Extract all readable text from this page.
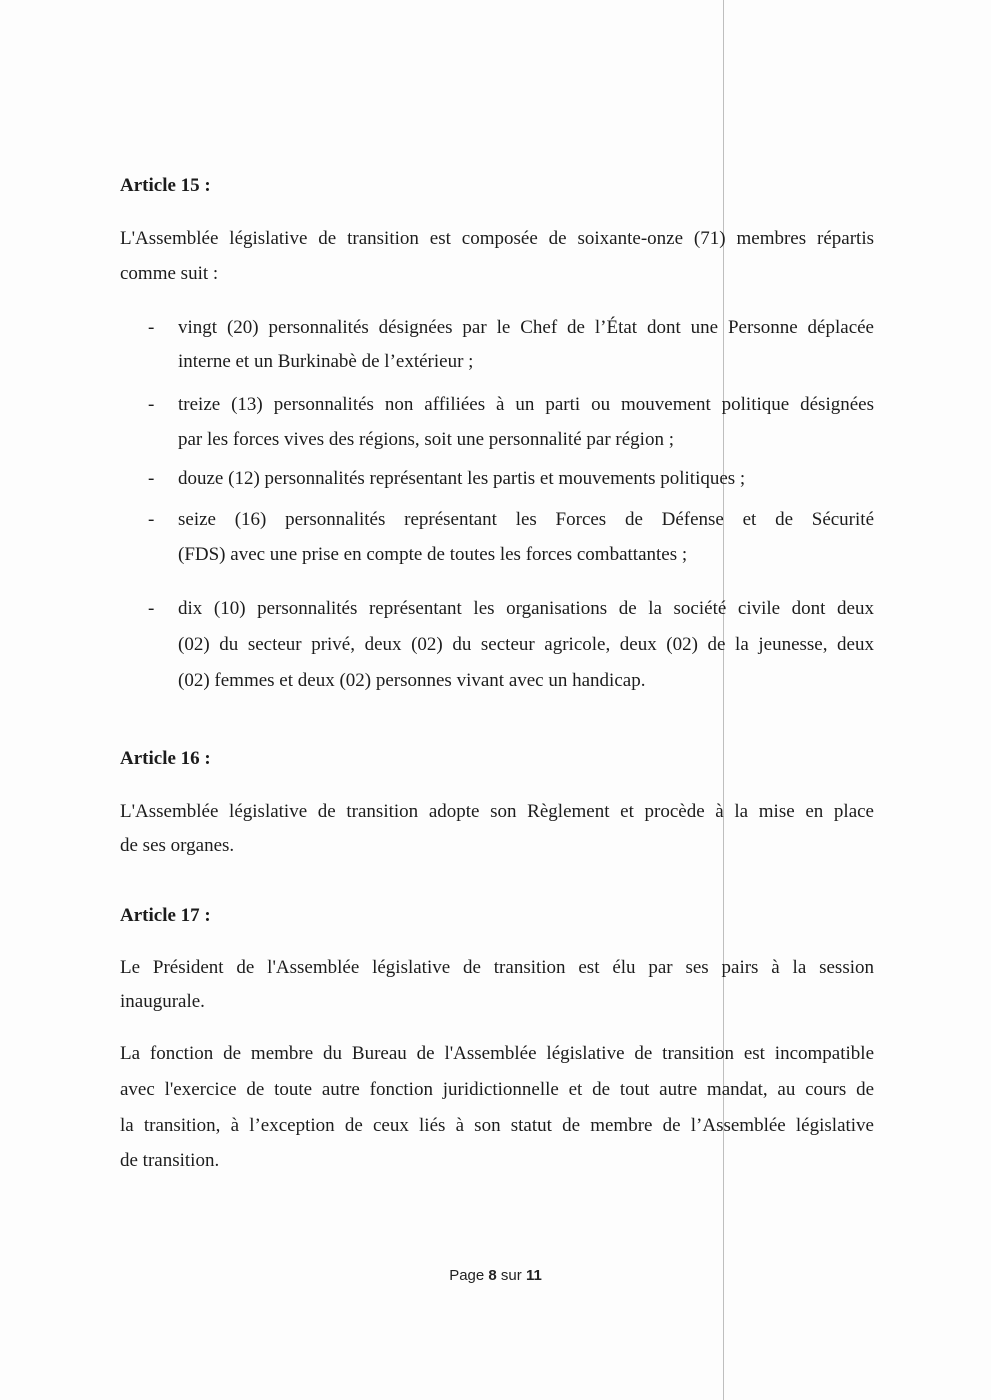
Article 15 :
L'Assemblée législative de transition est composée de soixante-onze (71) membres répartis
comme suit :
- vingt (20) personnalités désignées par le Chef de l’État dont une Personne déplacée
interne et un Burkinabè de l’extérieur ;
- treize (13) personnalités non affiliées à un parti ou mouvement politique désignées
par les forces vives des régions, soit une personnalité par région ;
- douze (12) personnalités représentant les partis et mouvements politiques ;
- seize (16) personnalités représentant les Forces de Défense et de Sécurité
(FDS) avec une prise en compte de toutes les forces combattantes ;
- dix (10) personnalités représentant les organisations de la société civile dont deux
(02) du secteur privé, deux (02) du secteur agricole, deux (02) de la jeunesse, deux
(02) femmes et deux (02) personnes vivant avec un handicap.
Article 16 :
L'Assemblée législative de transition adopte son Règlement et procède à la mise en place
de ses organes.
Article 17 :
Le Président de l'Assemblée législative de transition est élu par ses pairs à la session
inaugurale.
La fonction de membre du Bureau de l'Assemblée législative de transition est incompatible
avec l'exercice de toute autre fonction juridictionnelle et de tout autre mandat, au cours de
la transition, à l’exception de ceux liés à son statut de membre de l’Assemblée législative
de transition.
Page 8 sur 11
